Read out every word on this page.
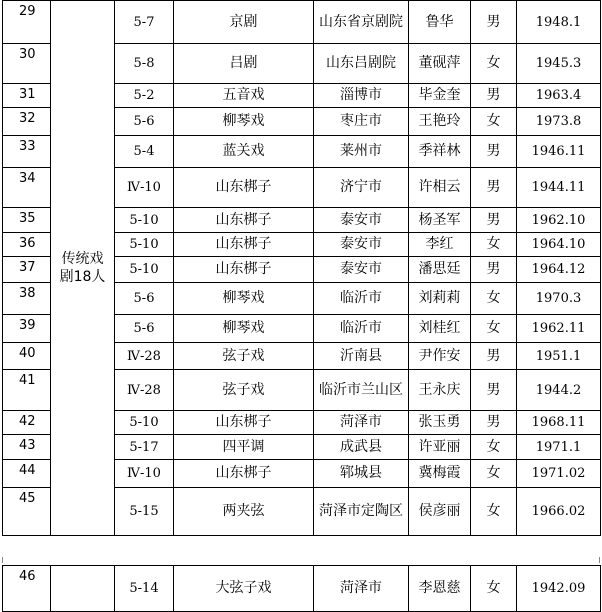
29	传统戏剧18人	5-7	京剧	山东省京剧院	鲁华	男	1948.1
30		5-8	吕剧	山东吕剧院	董砚萍	女	1945.3
31		5-2	五音戏	淄博市	毕金奎	男	1963.4
32		5-6	柳琴戏	枣庄市	王艳玲	女	1973.8
33		5-4	蓝关戏	莱州市	季祥林	男	1946.11
34		Ⅳ-10	山东梆子	济宁市	许相云	男	1944.11
35		5-10	山东梆子	泰安市	杨圣军	男	1962.10
36		5-10	山东梆子	泰安市	李红	女	1964.10
37		5-10	山东梆子	泰安市	潘思廷	男	1964.12
38		5-6	柳琴戏	临沂市	刘莉莉	女	1970.3
39		5-6	柳琴戏	临沂市	刘桂红	女	1962.11
40		Ⅳ-28	弦子戏	沂南县	尹作安	男	1951.1
41		Ⅳ-28	弦子戏	临沂市兰山区	王永庆	男	1944.2
42		5-10	山东梆子	菏泽市	张玉勇	男	1968.11
43		5-17	四平调	成武县	许亚丽	女	1971.1
44		Ⅳ-10	山东梆子	郓城县	冀梅霞	女	1971.02
45		5-15	两夹弦	菏泽市定陶区	侯彦丽	女	1966.02
46		5-14	大弦子戏	菏泽市	李恩慈	女	1942.09
